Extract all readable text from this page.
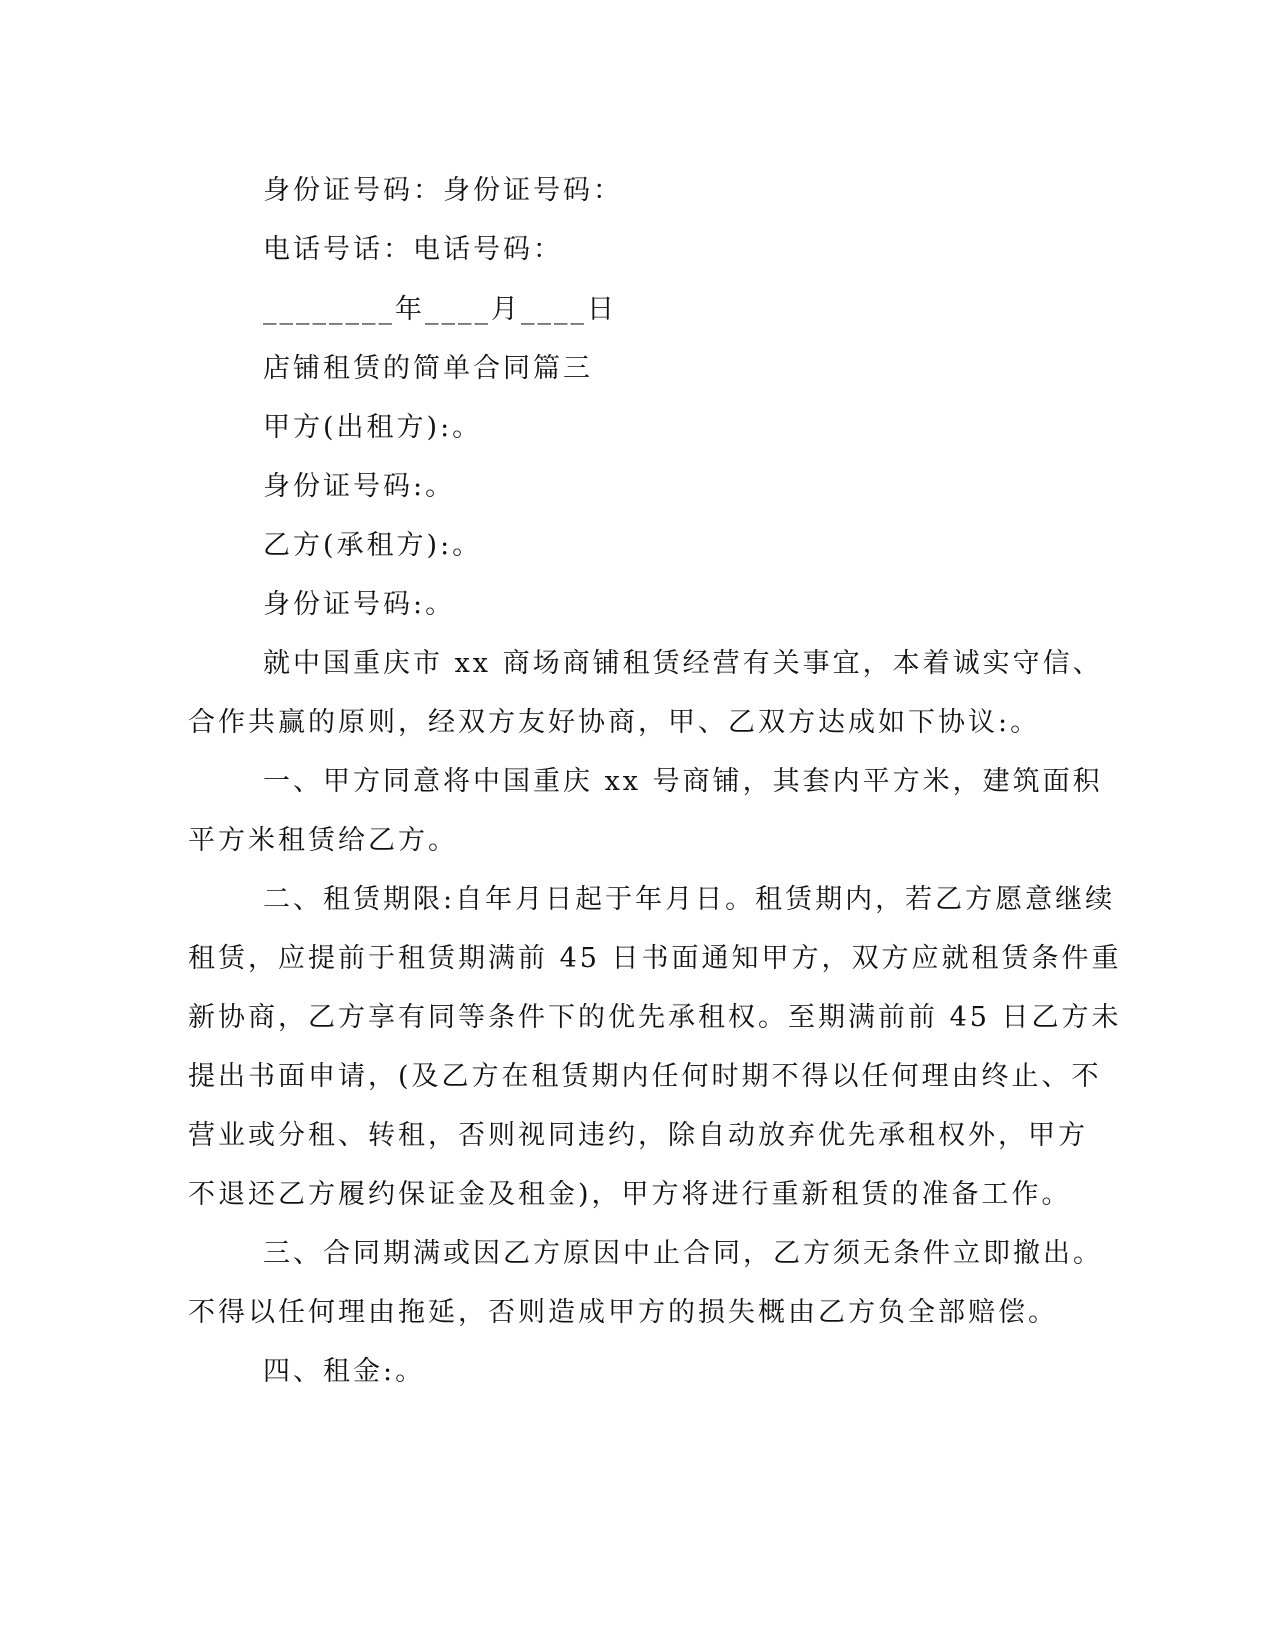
身份证号码：身份证号码：
电话号话：电话号码：
________年____月____日
店铺租赁的简单合同篇三
甲方(出租方):。
身份证号码:。
乙方(承租方):。
身份证号码:。
就中国重庆市 xx 商场商铺租赁经营有关事宜，本着诚实守信、
合作共赢的原则，经双方友好协商，甲、乙双方达成如下协议:。
一、甲方同意将中国重庆 xx 号商铺，其套内平方米，建筑面积
平方米租赁给乙方。
二、租赁期限:自年月日起于年月日。租赁期内，若乙方愿意继续
租赁，应提前于租赁期满前 45 日书面通知甲方，双方应就租赁条件重
新协商，乙方享有同等条件下的优先承租权。至期满前前 45 日乙方未
提出书面申请，(及乙方在租赁期内任何时期不得以任何理由终止、不
营业或分租、转租，否则视同违约，除自动放弃优先承租权外，甲方
不退还乙方履约保证金及租金)，甲方将进行重新租赁的准备工作。
三、合同期满或因乙方原因中止合同，乙方须无条件立即撤出。
不得以任何理由拖延，否则造成甲方的损失概由乙方负全部赔偿。
四、租金:。
